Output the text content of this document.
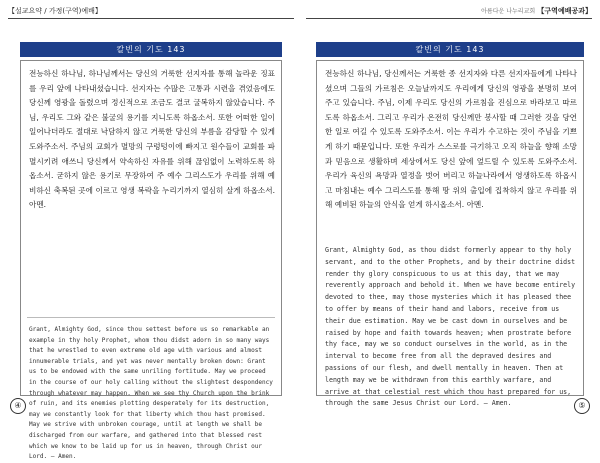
【설교요약 / 가정(구역)예배】
칼빈의 기도 143
전능하신 하나님, 하나님께서는 당신의 거룩한 선지자를 통해 놀라운 징표를 우리 앞에 나타내셨습니다. 선지자는 수많은 고통과 시련을 겪었음에도 당신께 영광을 돌렸으며 정신적으로 조금도 결코 굴복하지 않았습니다. 주님, 우리도 그와 같은 불굴의 용기를 지니도록 하옵소서. 또한 어떠한 일이 일어나더라도 절대로 낙담하지 않고 거룩한 당신의 부름을 감당할 수 있게 도와주소서. 주님의 교회가 멸망의 구렁텅이에 빠지고 원수들이 교회를 파멸시키려 애쓰니 당신께서 약속하신 자유를 위해 끊임없이 노력하도록 하옵소서. 굳하지 않은 용기로 무장하여 주 예수 그리스도가 우리를 위해 예비하신 축복된 곳에 이르고 영생 복락을 누리기까지 열심히 살게 하옵소서. 아멘.
Grant, Almighty God, since thou settest before us so remarkable an example in thy holy Prophet, whom thou didst adorn in so many ways that he wrestled to even extreme old age with various and almost innumerable trials, and yet was never mentally broken down: Grant us to be endowed with the same unriling fortitude. May we proceed in the course of our holy calling without the slightest despondency through whatever may happen. When we see thy Church upon the brink of ruin, and its enemies plotting desperately for its destruction, may we constantly look for that liberty which thou hast promised. May we strive with unbroken courage, until at length we shall be discharged from our warfare, and gathered into that blessed rest which we know to be laid up for us in heaven, through Christ our Lord. — Amen.
④
아름다운 나누리교회 【구역예배공과】
칼빈의 기도 143
전능하신 하나님, 당신께서는 거룩한 종 선지자와 다른 선지자들에게 나타나셨으며 그들의 가르침은 오늘날까지도 우리에게 당신의 영광을 분명히 보여주고 있습니다. 주님, 이제 우리도 당신의 가르침을 진심으로 바라보고 따르도록 하옵소서. 그리고 우리가 온전히 당신께만 봉사할 때 그러한 것을 당연한 일로 여길 수 있도록 도와주소서. 이는 우리가 수고하는 것이 주님을 기쁘게 하기 때문입니다. 또한 우리가 스스로를 극기하고 오직 하늘을 향해 소망과 믿음으로 생활하며 세상에서도 당신 앞에 엎드릴 수 있도록 도와주소서. 우리가 육신의 욕망과 열정을 벗어 버리고 하늘나라에서 영생하도록 하옵시고 마침내는 예수 그리스도를 통해 땅 위의 출입에 집착하지 않고 우리를 위해 예비된 하늘의 안식을 얻게 하시옵소서. 아멘.
Grant, Almighty God, as thou didst formerly appear to thy holy servant, and to the other Prophets, and by their doctrine didst render thy glory conspicuous to us at this day, that we may reverently approach and behold it. When we have become entirely devoted to thee, may those mysteries which it has pleased thee to offer by means of their hand and labors, receive from us their due estimation. May we be cast down in ourselves and be raised by hope and faith towards heaven; when prostrate before thy face, may we so conduct ourselves in the world, as in the interval to become free from all the depraved desires and passions of our flesh, and dwell mentally in heaven. Then at length may we be withdrawn from this earthly warfare, and arrive at that celestial rest which thou hast prepared for us, through the same Jesus Christ our Lord. — Amen.	⑤
